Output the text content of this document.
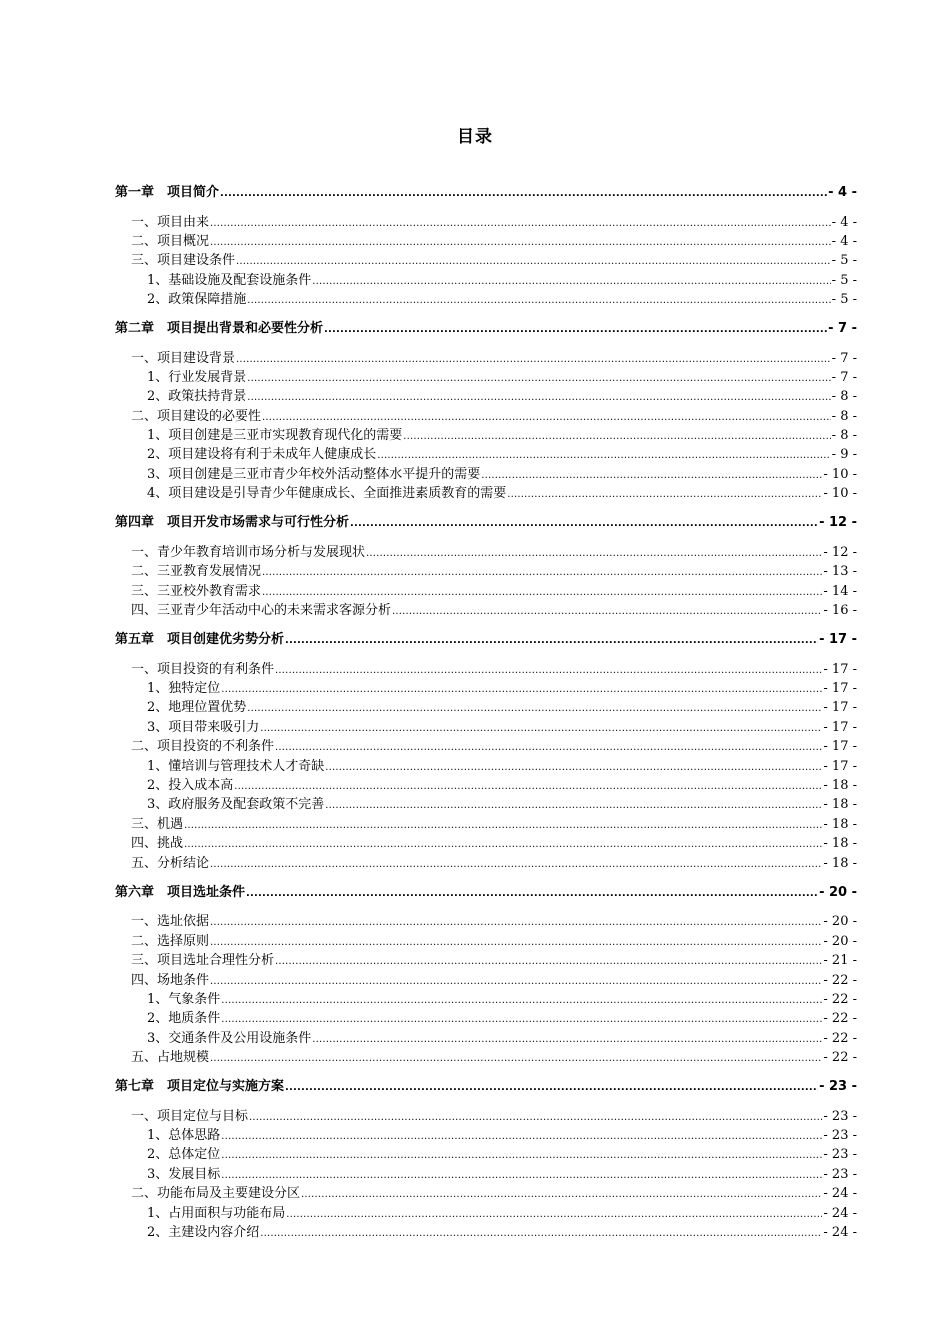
目录
第一章　项目简介 .....	- 4 -
一、项目由来 .....	- 4 -
二、项目概况 .....	- 4 -
三、项目建设条件 .....	- 5 -
1、基础设施及配套设施条件 .....	- 5 -
2、政策保障措施 .....	- 5 -
第二章　项目提出背景和必要性分析 .....	- 7 -
一、项目建设背景 .....	- 7 -
1、行业发展背景 .....	- 7 -
2、政策扶持背景 .....	- 8 -
二、项目建设的必要性 .....	- 8 -
1、项目创建是三亚市实现教育现代化的需要 .....	- 8 -
2、项目建设将有利于未成年人健康成长 .....	- 9 -
3、项目创建是三亚市青少年校外活动整体水平提升的需要 .....	- 10 -
4、项目建设是引导青少年健康成长、全面推进素质教育的需要 .....	- 10 -
第四章　项目开发市场需求与可行性分析 .....	- 12 -
一、青少年教育培训市场分析与发展现状 .....	- 12 -
二、三亚教育发展情况 .....	- 13 -
三、三亚校外教育需求 .....	- 14 -
四、三亚青少年活动中心的未来需求客源分析 .....	- 16 -
第五章　项目创建优劣势分析 .....	- 17 -
一、项目投资的有利条件 .....	- 17 -
1、独特定位 .....	- 17 -
2、地理位置优势 .....	- 17 -
3、项目带来吸引力 .....	- 17 -
二、项目投资的不利条件 .....	- 17 -
1、懂培训与管理技术人才奇缺 .....	- 17 -
2、投入成本高 .....	- 18 -
3、政府服务及配套政策不完善 .....	- 18 -
三、机遇 .....	- 18 -
四、挑战 .....	- 18 -
五、分析结论 .....	- 18 -
第六章　项目选址条件 .....	- 20 -
一、选址依据 .....	- 20 -
二、选择原则 .....	- 20 -
三、项目选址合理性分析 .....	- 21 -
四、场地条件 .....	- 22 -
1、气象条件 .....	- 22 -
2、地质条件 .....	- 22 -
3、交通条件及公用设施条件 .....	- 22 -
五、占地规模 .....	- 22 -
第七章　项目定位与实施方案 .....	- 23 -
一、项目定位与目标 .....	- 23 -
1、总体思路 .....	- 23 -
2、总体定位 .....	- 23 -
3、发展目标 .....	- 23 -
二、功能布局及主要建设分区 .....	- 24 -
1、占用面积与功能布局 .....	- 24 -
2、主建设内容介绍 .....	- 24 -
